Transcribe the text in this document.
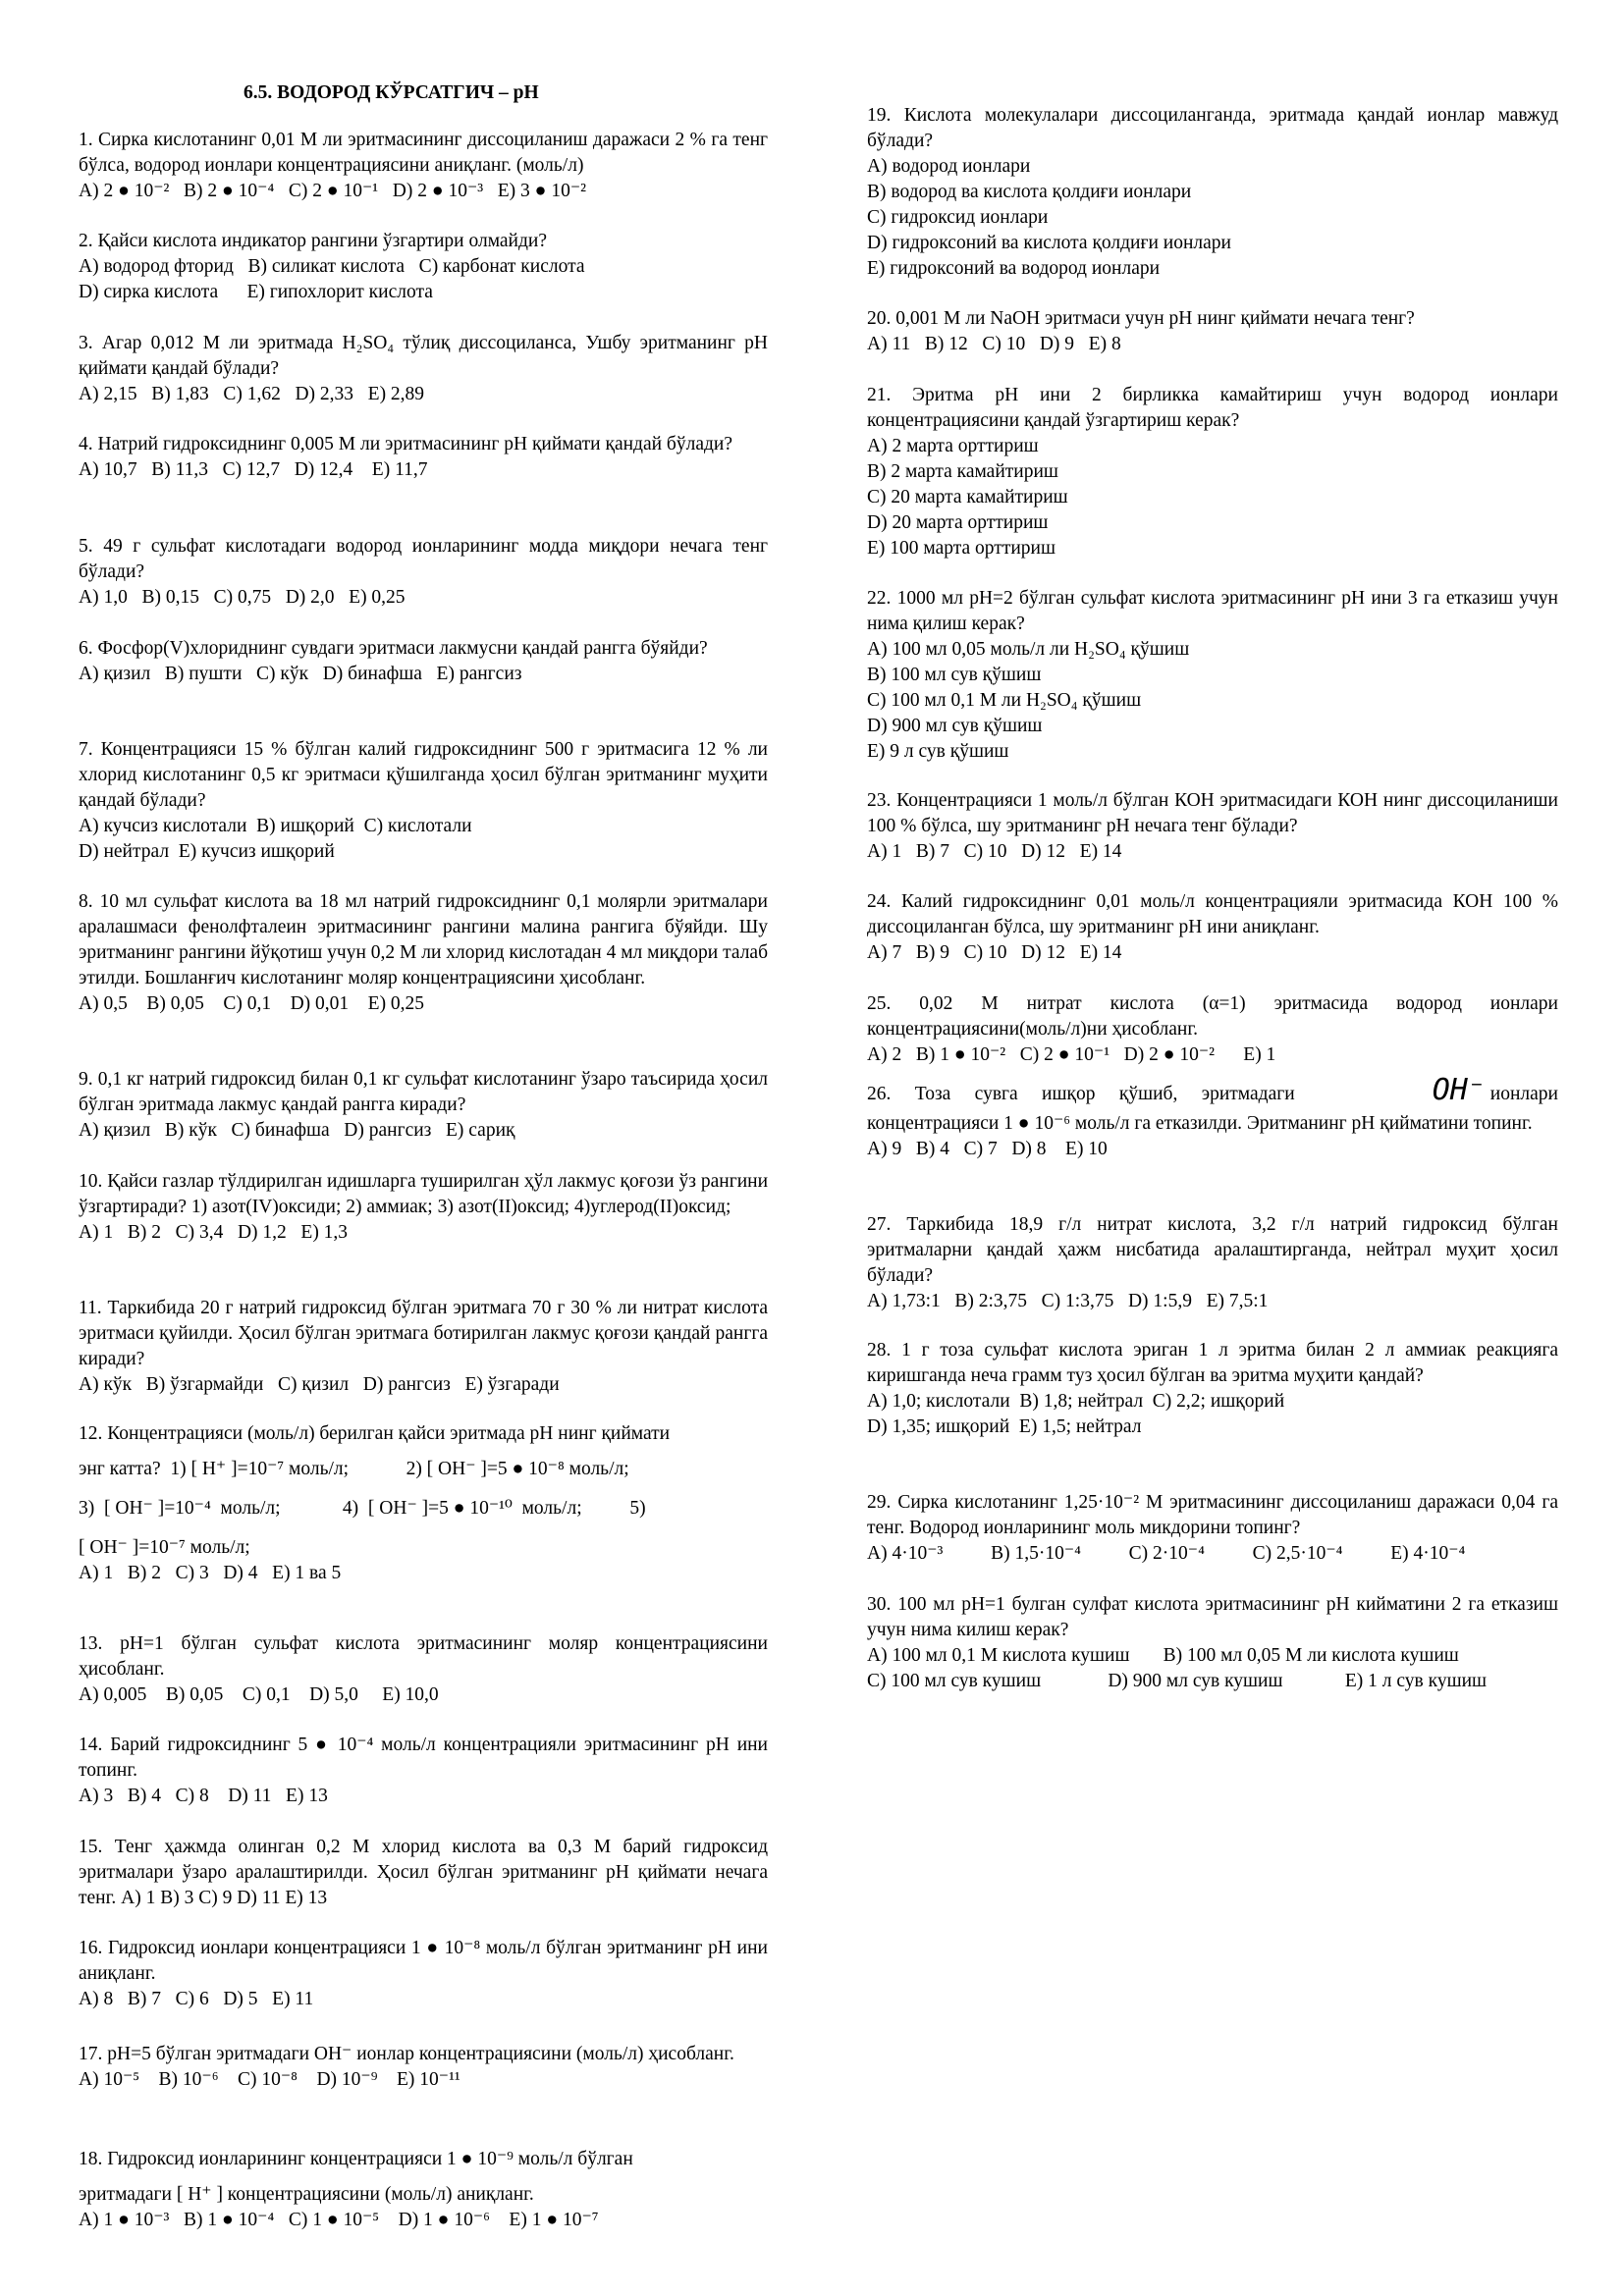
6.5. ВОДОРОД КЎРСАТГИЧ – pH
1. Сирка кислотанинг 0,01 М ли эритмасининг диссоциланиш даражаси 2 % га тенг бўлса, водород ионлари концентрациясини аниқланг. (моль/л)
A) 2 ● 10⁻²   B) 2 ● 10⁻⁴   C) 2 ● 10⁻¹   D) 2 ● 10⁻³   E) 3 ● 10⁻²
2. Қайси кислота индикатор рангини ўзгартири олмайди?
A) водород фторид   B) силикат кислота   C) карбонат кислота
D) сирка кислота      E) гипохлорит кислота
3. Агар 0,012 М ли эритмада H₂SO₄ тўлиқ диссоциланса, Ушбу эритманинг pH қиймати қандай бўлади?
A) 2,15   B) 1,83   C) 1,62   D) 2,33   E) 2,89
4. Натрий гидроксиднинг 0,005 М ли эритмасининг pH қиймати қандай бўлади?
A) 10,7   B) 11,3   C) 12,7   D) 12,4    E) 11,7
5. 49 г сульфат кислотадаги водород ионларининг модда миқдори нечага тенг бўлади?
A) 1,0   B) 0,15   C) 0,75   D) 2,0   E) 0,25
6. Фосфор(V)хлориднинг сувдаги эритмаси лакмусни қандай рангга бўяйди?
A) қизил   B) пушти   C) кўк   D) бинафша   E) рангсиз
7. Концентрацияси 15 % бўлган калий гидроксиднинг 500 г эритмасига 12 % ли хлорид кислотанинг 0,5 кг эритмаси қўшилганда ҳосил бўлган эритманинг муҳити қандай бўлади?
A) кучсиз кислотали  B) ишқорий  C) кислотали
D) нейтрал  E) кучсиз ишқорий
8. 10 мл сульфат кислота ва 18 мл натрий гидроксиднинг 0,1 молярли эритмалари аралашмаси фенолфталеин эритмасининг рангини малина рангига бўяйди. Шу эритманинг рангини йўқотиш учун 0,2 М ли хлорид кислотадан 4 мл миқдори талаб этилди. Бошланғич кислотанинг моляр концентрациясини ҳисобланг.
A) 0,5    B) 0,05    C) 0,1    D) 0,01    E) 0,25
9. 0,1 кг натрий гидроксид билан 0,1 кг сульфат кислотанинг ўзаро таъсирида ҳосил бўлган эритмада лакмус қандай рангга киради?
A) қизил   B) кўк   C) бинафша   D) рангсиз   E) сариқ
10. Қайси газлар тўлдирилган идишларга туширилган ҳўл лакмус қоғози ўз рангини ўзгартиради? 1) азот(IV)оксиди; 2) аммиак; 3) азот(II)оксид; 4)углерод(II)оксид;
A) 1   B) 2   C) 3,4   D) 1,2   E) 1,3
11. Таркибида 20 г натрий гидроксид бўлган эритмага 70 г 30 % ли нитрат кислота эритмаси қуйилди. Ҳосил бўлган эритмага ботирилган лакмус қоғози қандай рангга киради?
A) кўк   B) ўзгармайди   C) қизил   D) рангсиз   E) ўзгаради
12. Концентрацияси (моль/л) берилган қайси эритмада pH нинг қиймати
энг катта?  1) [ H⁺ ]=10⁻⁷ моль/л;            2) [ OH⁻ ]=5 ● 10⁻⁸ моль/л;
3)  [ OH⁻ ]=10⁻⁴  моль/л;             4)  [ OH⁻ ]=5 ● 10⁻¹⁰  моль/л;          5)
[ OH⁻ ]=10⁻⁷ моль/л;
A) 1   B) 2   C) 3   D) 4   E) 1 ва 5
13. pH=1 бўлган сульфат кислота эритмасининг моляр концентрациясини ҳисобланг.
A) 0,005    B) 0,05    C) 0,1    D) 5,0     E) 10,0
14. Барий гидроксиднинг 5 ● 10⁻⁴ моль/л концентрацияли эритмасининг pH ини топинг.
A) 3   B) 4   C) 8    D) 11   E) 13
15. Тенг ҳажмда олинган 0,2 М хлорид кислота ва 0,3 М барий гидроксид эритмалари ўзаро аралаштирилди. Ҳосил бўлган эритманинг pH қиймати нечага тенг. A) 1 B) 3 C) 9 D) 11 E) 13
16. Гидроксид ионлари концентрацияси 1 ● 10⁻⁸ моль/л бўлган эритманинг pH ини аниқланг.
A) 8   B) 7   C) 6   D) 5   E) 11
17. pH=5 бўлган эритмадаги OH⁻ ионлар концентрациясини (моль/л) ҳисобланг.
A) 10⁻⁵    B) 10⁻⁶    C) 10⁻⁸    D) 10⁻⁹    E) 10⁻¹¹
18. Гидроксид ионларининг концентрацияси 1 ● 10⁻⁹ моль/л бўлган
эритмадаги [ H⁺ ] концентрациясини (моль/л) аниқланг.
A) 1 ● 10⁻³   B) 1 ● 10⁻⁴   C) 1 ● 10⁻⁵    D) 1 ● 10⁻⁶    E) 1 ● 10⁻⁷
19. Кислота молекулалари диссоциланганда, эритмада қандай ионлар мавжуд бўлади?
A) водород ионлари
B) водород ва кислота қолдиғи ионлари
C) гидроксид ионлари
D) гидроксоний ва кислота қолдиғи ионлари
E) гидроксоний ва водород ионлари
20. 0,001 М ли NaOH эритмаси учун pH нинг қиймати нечага тенг?
A) 11   B) 12   C) 10   D) 9   E) 8
21. Эритма pH ини 2 бирликка камайтириш учун водород ионлари концентрациясини қандай ўзгартириш керак?
A) 2 марта орттириш
B) 2 марта камайтириш
C) 20 марта камайтириш
D) 20 марта орттириш
E) 100 марта орттириш
22. 1000 мл pH=2 бўлган сульфат кислота эритмасининг pH ини 3 га етказиш учун нима қилиш керак?
A) 100 мл 0,05 моль/л ли H₂SO₄ қўшиш
B) 100 мл сув қўшиш
C) 100 мл 0,1 М ли H₂SO₄ қўшиш
D) 900 мл сув қўшиш
E) 9 л сув қўшиш
23. Концентрацияси 1 моль/л бўлган КОН эритмасидаги КОН нинг диссоциланиши 100 % бўлса, шу эритманинг pH нечага тенг бўлади?
A) 1   B) 7   C) 10   D) 12   E) 14
24. Калий гидроксиднинг 0,01 моль/л концентрацияли эритмасида КОН 100 % диссоциланган бўлса, шу эритманинг pH ини аниқланг.
A) 7   B) 9   C) 10   D) 12   E) 14
25. 0,02 М нитрат кислота (α=1) эритмасида водород ионлари концентрациясини(моль/л)ни ҳисобланг.
A) 2   B) 1 ● 10⁻²   C) 2 ● 10⁻¹   D) 2 ● 10⁻²      E) 1
26.     Тоза     сувга     ишқор     қўшиб,     эритмадаги	OH⁻ ионлари
концентрацияси 1 ● 10⁻⁶ моль/л га етказилди. Эритманинг pH қийматини топинг.
A) 9   B) 4   C) 7   D) 8    E) 10
27. Таркибида 18,9 г/л нитрат кислота, 3,2 г/л натрий гидроксид бўлган эритмаларни қандай ҳажм нисбатида аралаштирганда, нейтрал муҳит ҳосил бўлади?
A) 1,73:1   B) 2:3,75   C) 1:3,75   D) 1:5,9   E) 7,5:1
28. 1 г тоза сульфат кислота эриган 1 л эритма билан 2 л аммиак реакцияга киришганда неча грамм туз ҳосил бўлган ва эритма муҳити қандай?
A) 1,0; кислотали  B) 1,8; нейтрал  C) 2,2; ишқорий
D) 1,35; ишқорий  E) 1,5; нейтрал
29. Сирка кислотанинг 1,25·10⁻² М эритмасининг диссоциланиш даражаси 0,04 га тенг. Водород ионларининг моль микдорини топинг?
A) 4·10⁻³          B) 1,5·10⁻⁴          C) 2·10⁻⁴          C) 2,5·10⁻⁴          E) 4·10⁻⁴
30. 100 мл pH=1 булган сулфат кислота эритмасининг pH кийматини 2 га етказиш учун нима килиш керак?
A) 100 мл 0,1 М кислота кушиш       B) 100 мл 0,05 М ли кислота кушиш
C) 100 мл сув кушиш              D) 900 мл сув кушиш             E) 1 л сув кушиш
